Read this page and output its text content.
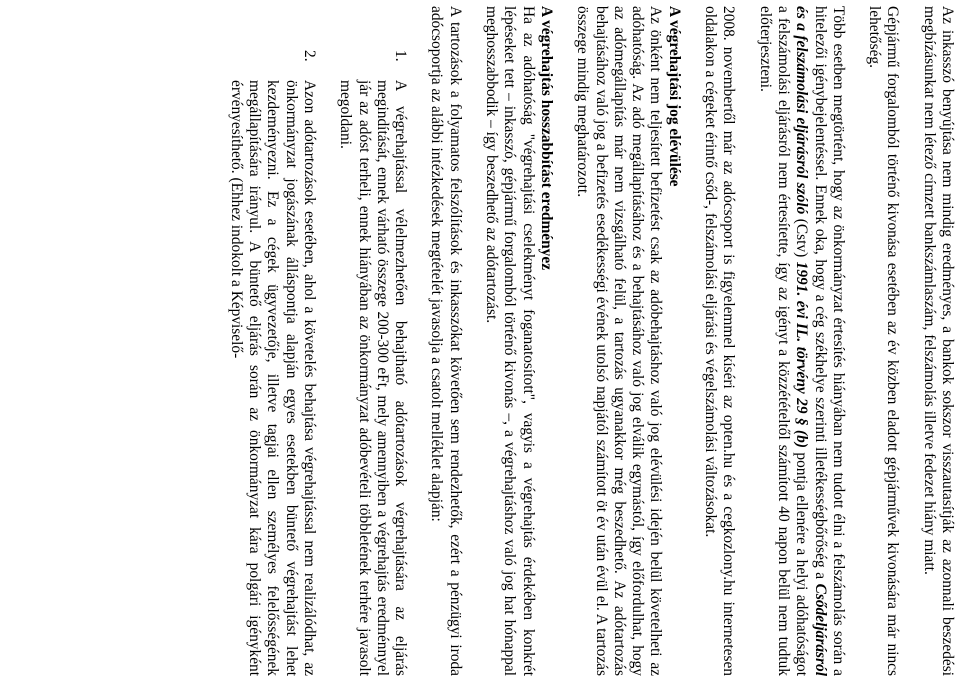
Az inkasszó benyújtása nem mindig eredményes, a bankok sokszor visszautasítják az azonnali beszedési megbízásunkat nem létező címzett bankszámlaszám, felszámolás illetve fedezet hiány miatt.

Gépjármű forgalomból történő kivonása esetében az év közben eladott gépjárművek kivonására már nincs lehetőség.

Több esetben megtörtént, hogy az önkormányzat értesítés hiányában nem tudott élni a felszámolás során a hitelezői igénybejelentéssel. Ennek oka, hogy a cég székhelye szerinti illetékességbőrőség a Csődeljárásról és a felszámolási eljárásról szóló (Cstv) 1991. évi IL. törvény 29 § (b) pontja ellenére a helyi adóhatóságot a felszámolási eljárásról nem értesítette, így az igényt a közzétételtől számított 40 napon belül nem tudtuk előterjeszteni.

2008. novembertől már az adócsoport is figyelemmel kíséri az opten.hu és a cegkozlony.hu internetesen oldalakon a cégeket érintő csőd-, felszámolási eljárási és végelszámolási változásokat.

A végrehajtási jog elévülése

Az önként nem teljesített befizetést csak az adóbehajtáshoz való jog elévülési idején belül követelheti az adóhatóság. Az adó megállapításához és a behajtásához való jog elválik egymástól, így előfordulhat, hogy az adómegállapítás már nem vizsgálható felül, a tartozás ugyanakkor még beszedhető. Az adótartozás behajtásához való jog a befizetés esedékességi évének utolsó napjától számított öt év után évül el. A tartozás összege mindig meghatározott.

A végrehajtás hosszabbítást eredményez

Ha az adóhatóság "végrehajtási cselekményt foganatosított", vagyis a végrehajtás érdekében konkrét lépéseket tett – inkasszó, gépjármű forgalomból történő kivonás –, a végrehajtáshoz való jog hat hónappal meghosszabbodik – így beszedhető az adótartozást.

A tartozások a folyamatos felszólítások és inkasszókat követően sem rendezhetők, ezért a pénzügyi iroda adócsoportja az alábbi intézkedések megtételét javasolja a csatolt melléklet alapján:

1.
A végrehajtással vélelmezhetően behajtható adótartozások végrehajtására az eljárás megindítását, ennek várható összege 200-300 eFt, mely amennyiben a végrehajtás eredménnyel jár az adóst terheli, ennek hiányában az önkormányzat adóbevételi többletének terhére javasolt megoldani.
2.
Azon adótartozások esetében, ahol a követelés behajtása végrehajtással nem realizálódhat, az önkormányzat jogászának álláspontja alapján egyes esetekben büntető végrehajtást lehet kezdeményezni. Ez a cégek ügyvezetője, illetve tagjai ellen személyes felelősségének megállapítására irányul. A büntető eljárás során az önkormányzat kára polgári igényként érvényesíthető. (Ehhez indokolt a Képviselő-
